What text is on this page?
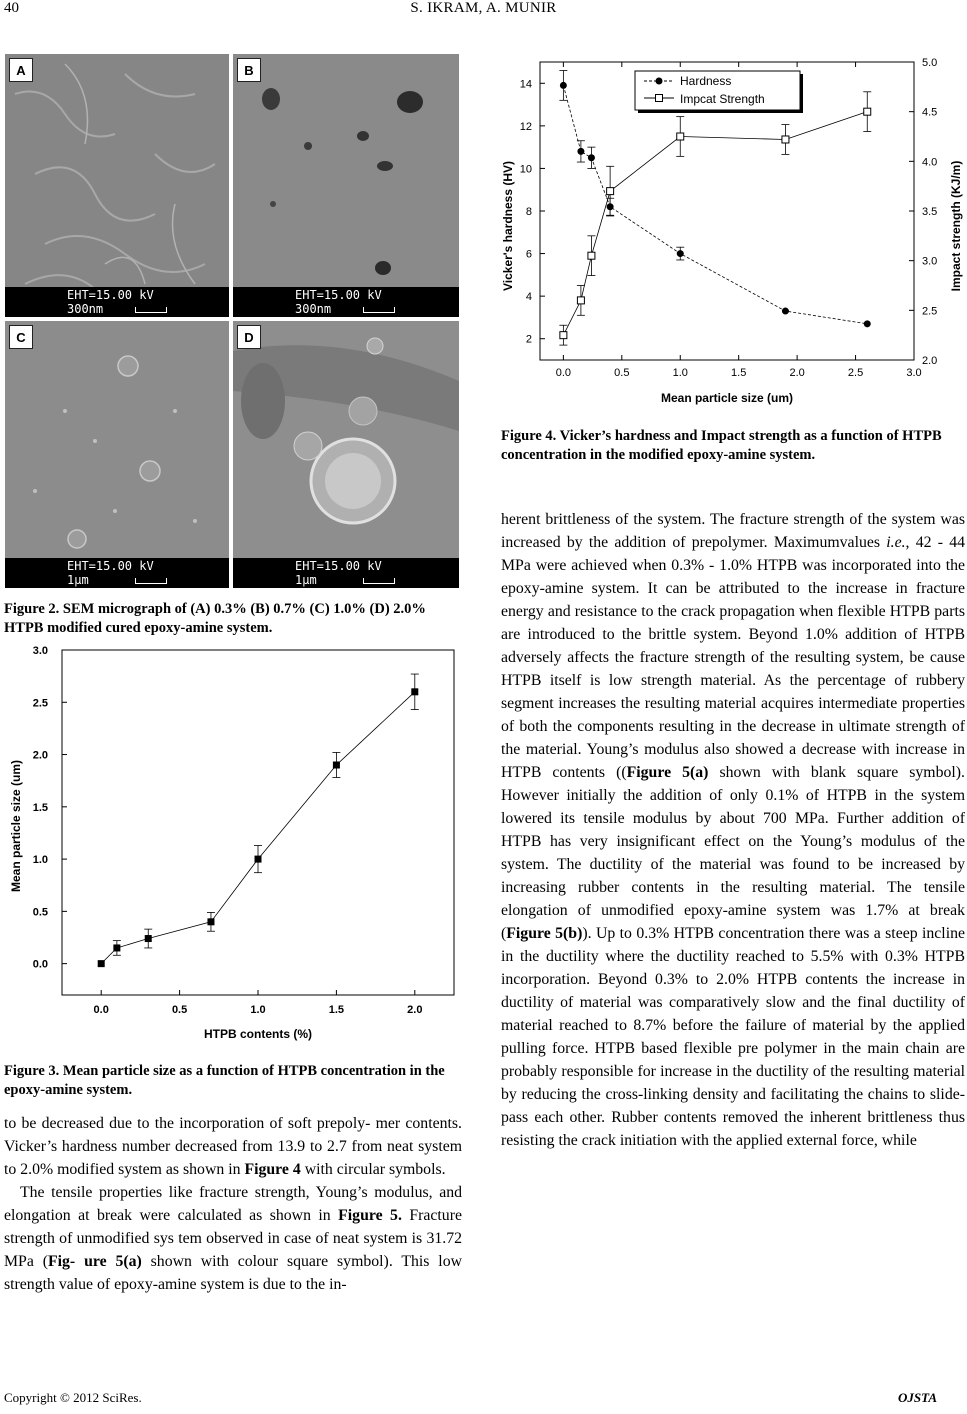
40	S. IKRAM, A. MUNIR
A
EHT=15.00 kV
300nm
B
EHT=15.00 kV
300nm
C
EHT=15.00 kV
1μm
D
EHT=15.00 kV
1μm
Figure 2. SEM micrograph of (A) 0.3% (B) 0.7% (C) 1.0% (D) 2.0% HTPB modified cured epoxy-amine system.
0.0	0.5	1.0	1.5	2.0
0.0
0.5
1.0
1.5
2.0
2.5
3.0
HTPB contents (%)
Mean particle size (um)
Figure 3. Mean particle size as a function of HTPB concentration in the epoxy-amine system.

to be decreased due to the incorporation of soft prepoly- mer contents. Vicker’s hardness number decreased from 13.9 to 2.7 from neat system to 2.0% modified system as shown in Figure 4 with circular symbols.

The tensile properties like fracture strength, Young’s modulus, and elongation at break were calculated as shown in Figure 5. Fracture strength of unmodified sys tem observed in case of neat system is 31.72 MPa (Fig- ure 5(a) shown with colour square symbol). This low strength value of epoxy-amine system is due to the in-

0.0	0.5	1.0	1.5	2.0	2.5	3.0
2
4
6
8
10
12
14
2.0
2.5
3.0
3.5
4.0
4.5
5.0
Hardness
Impcat Strength
Mean particle size (um)
Vicker's hardness (HV)	Impact strength (KJ/m)
Figure 4. Vicker’s hardness and Impact strength as a function of HTPB concentration in the modified epoxy-amine system.

herent brittleness of the system. The fracture strength of the system was increased by the addition of prepolymer. Maximumvalues i.e., 42 - 44 MPa were achieved when 0.3% - 1.0% HTPB was incorporated into the epoxy-amine system. It can be attributed to the increase in fracture energy and resistance to the crack propagation when flexible HTPB parts are introduced to the brittle system. Beyond 1.0% addition of HTPB adversely affects the fracture strength of the resulting system, be cause HTPB itself is low strength material. As the percentage of rubbery segment increases the resulting material acquires intermediate properties of both the components resulting in the decrease in ultimate strength of the material. Young’s modulus also showed a decrease with increase in HTPB contents ((Figure 5(a) shown with blank square symbol). However initially the addition of only 0.1% of HTPB in the system lowered its tensile modulus by about 700 MPa. Further addition of HTPB has very insignificant effect on the Young’s modulus of the system. The ductility of the material was found to be increased by increasing rubber contents in the resulting material. The tensile elongation of unmodified epoxy-amine system was 1.7% at break (Figure 5(b)). Up to 0.3% HTPB concentration there was a steep incline in the ductility where the ductility reached to 5.5% with 0.3% HTPB incorporation. Beyond 0.3% to 2.0% HTPB contents the increase in ductility of material was comparatively slow and the final ductility of material reached to 8.7% before the failure of material by the applied pulling force. HTPB based flexible pre polymer in the main chain are probably responsible for increase in the ductility of the resulting material by reducing the cross-linking density and facilitating the chains to slide-pass each other. Rubber contents removed the inherent brittleness thus resisting the crack initiation with the applied external force, while

Copyright © 2012 SciRes.	OJSTA
